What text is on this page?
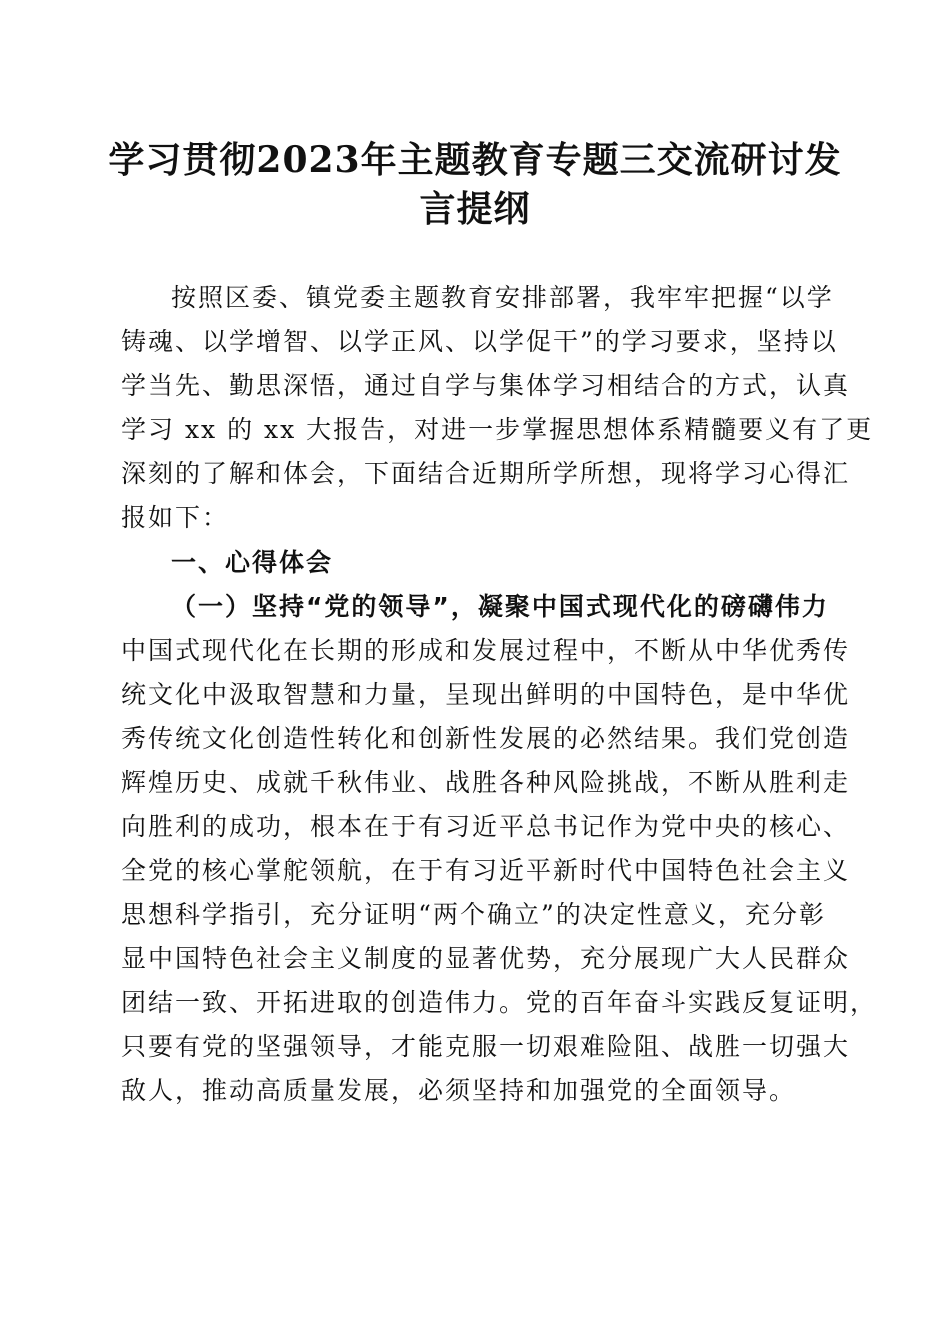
学习贯彻2023年主题教育专题三交流研讨发
言提纲
按照区委、镇党委主题教育安排部署，我牢牢把握“以学
铸魂、以学增智、以学正风、以学促干”的学习要求，坚持以
学当先、勤思深悟，通过自学与集体学习相结合的方式，认真
学习 xx 的 xx 大报告，对进一步掌握思想体系精髓要义有了更
深刻的了解和体会，下面结合近期所学所想，现将学习心得汇
报如下：
一、心得体会
（一）坚持“党的领导”，凝聚中国式现代化的磅礴伟力
中国式现代化在长期的形成和发展过程中，不断从中华优秀传
统文化中汲取智慧和力量，呈现出鲜明的中国特色，是中华优
秀传统文化创造性转化和创新性发展的必然结果。我们党创造
辉煌历史、成就千秋伟业、战胜各种风险挑战，不断从胜利走
向胜利的成功，根本在于有习近平总书记作为党中央的核心、
全党的核心掌舵领航，在于有习近平新时代中国特色社会主义
思想科学指引，充分证明“两个确立”的决定性意义，充分彰
显中国特色社会主义制度的显著优势，充分展现广大人民群众
团结一致、开拓进取的创造伟力。党的百年奋斗实践反复证明，
只要有党的坚强领导，才能克服一切艰难险阻、战胜一切强大
敌人，推动高质量发展，必须坚持和加强党的全面领导。
